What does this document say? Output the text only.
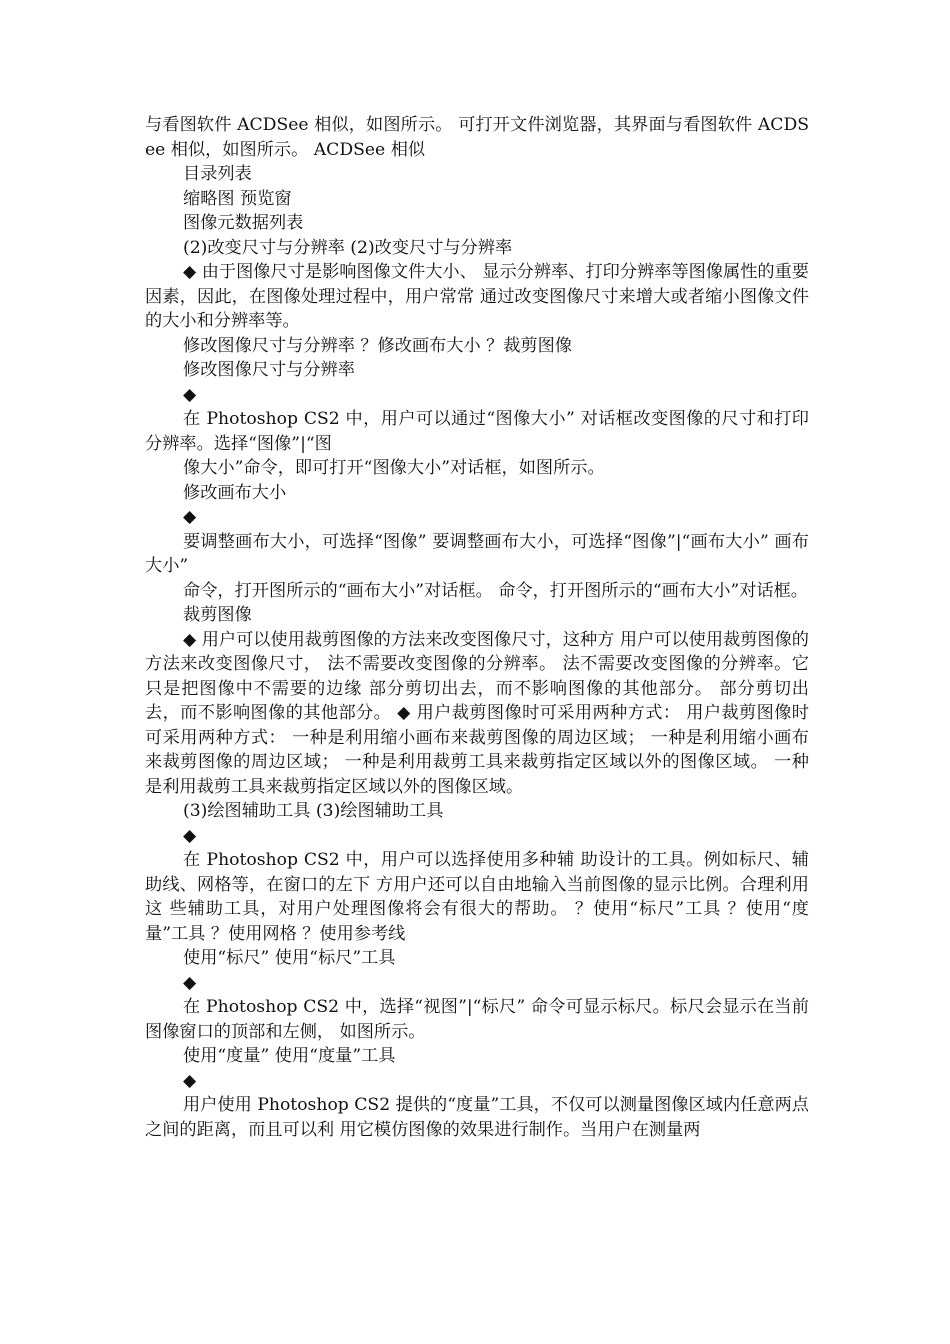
与看图软件 ACDSee 相似，如图所示。 可打开文件浏览器，其界面与看图软件 ACDSee 相似，如图所示。 ACDSee 相似

目录列表

缩略图 预览窗

图像元数据列表

(2)改变尺寸与分辨率 (2)改变尺寸与分辨率

◆ 由于图像尺寸是影响图像文件大小、 显示分辨率、打印分辨率等图像属性的重要 因素，因此，在图像处理过程中，用户常常 通过改变图像尺寸来增大或者缩小图像文件 的大小和分辨率等。

修改图像尺寸与分辨率 ？修改画布大小 ？裁剪图像

修改图像尺寸与分辨率

◆

在 Photoshop CS2 中，用户可以通过“图像大小” 对话框改变图像的尺寸和打印分辨率。选择“图像”|“图

像大小”命令，即可打开“图像大小”对话框，如图所示。

修改画布大小

◆

要调整画布大小，可选择“图像” 要调整画布大小，可选择“图像”|“画布大小” 画布大小”

命令，打开图所示的“画布大小”对话框。 命令，打开图所示的“画布大小”对话框。

裁剪图像

◆ 用户可以使用裁剪图像的方法来改变图像尺寸，这种方 用户可以使用裁剪图像的方法来改变图像尺寸， 法不需要改变图像的分辨率。 法不需要改变图像的分辨率。它只是把图像中不需要的边缘 部分剪切出去，而不影响图像的其他部分。 部分剪切出去，而不影响图像的其他部分。 ◆ 用户裁剪图像时可采用两种方式： 用户裁剪图像时可采用两种方式： 一种是利用缩小画布来裁剪图像的周边区域； 一种是利用缩小画布来裁剪图像的周边区域； 一种是利用裁剪工具来裁剪指定区域以外的图像区域。 一种是利用裁剪工具来裁剪指定区域以外的图像区域。

(3)绘图辅助工具 (3)绘图辅助工具

◆

在 Photoshop CS2 中，用户可以选择使用多种辅 助设计的工具。例如标尺、辅助线、网格等，在窗口的左下 方用户还可以自由地输入当前图像的显示比例。合理利用这 些辅助工具，对用户处理图像将会有很大的帮助。 ？使用“标尺”工具 ？使用“度量”工具 ？使用网格 ？使用参考线

使用“标尺” 使用“标尺”工具

◆

在 Photoshop CS2 中，选择“视图”|“标尺” 命令可显示标尺。标尺会显示在当前图像窗口的顶部和左侧， 如图所示。

使用“度量” 使用“度量”工具

◆

用户使用 Photoshop CS2 提供的“度量”工具，不仅可以测量图像区域内任意两点之间的距离，而且可以利 用它模仿图像的效果进行制作。当用户在测量两
